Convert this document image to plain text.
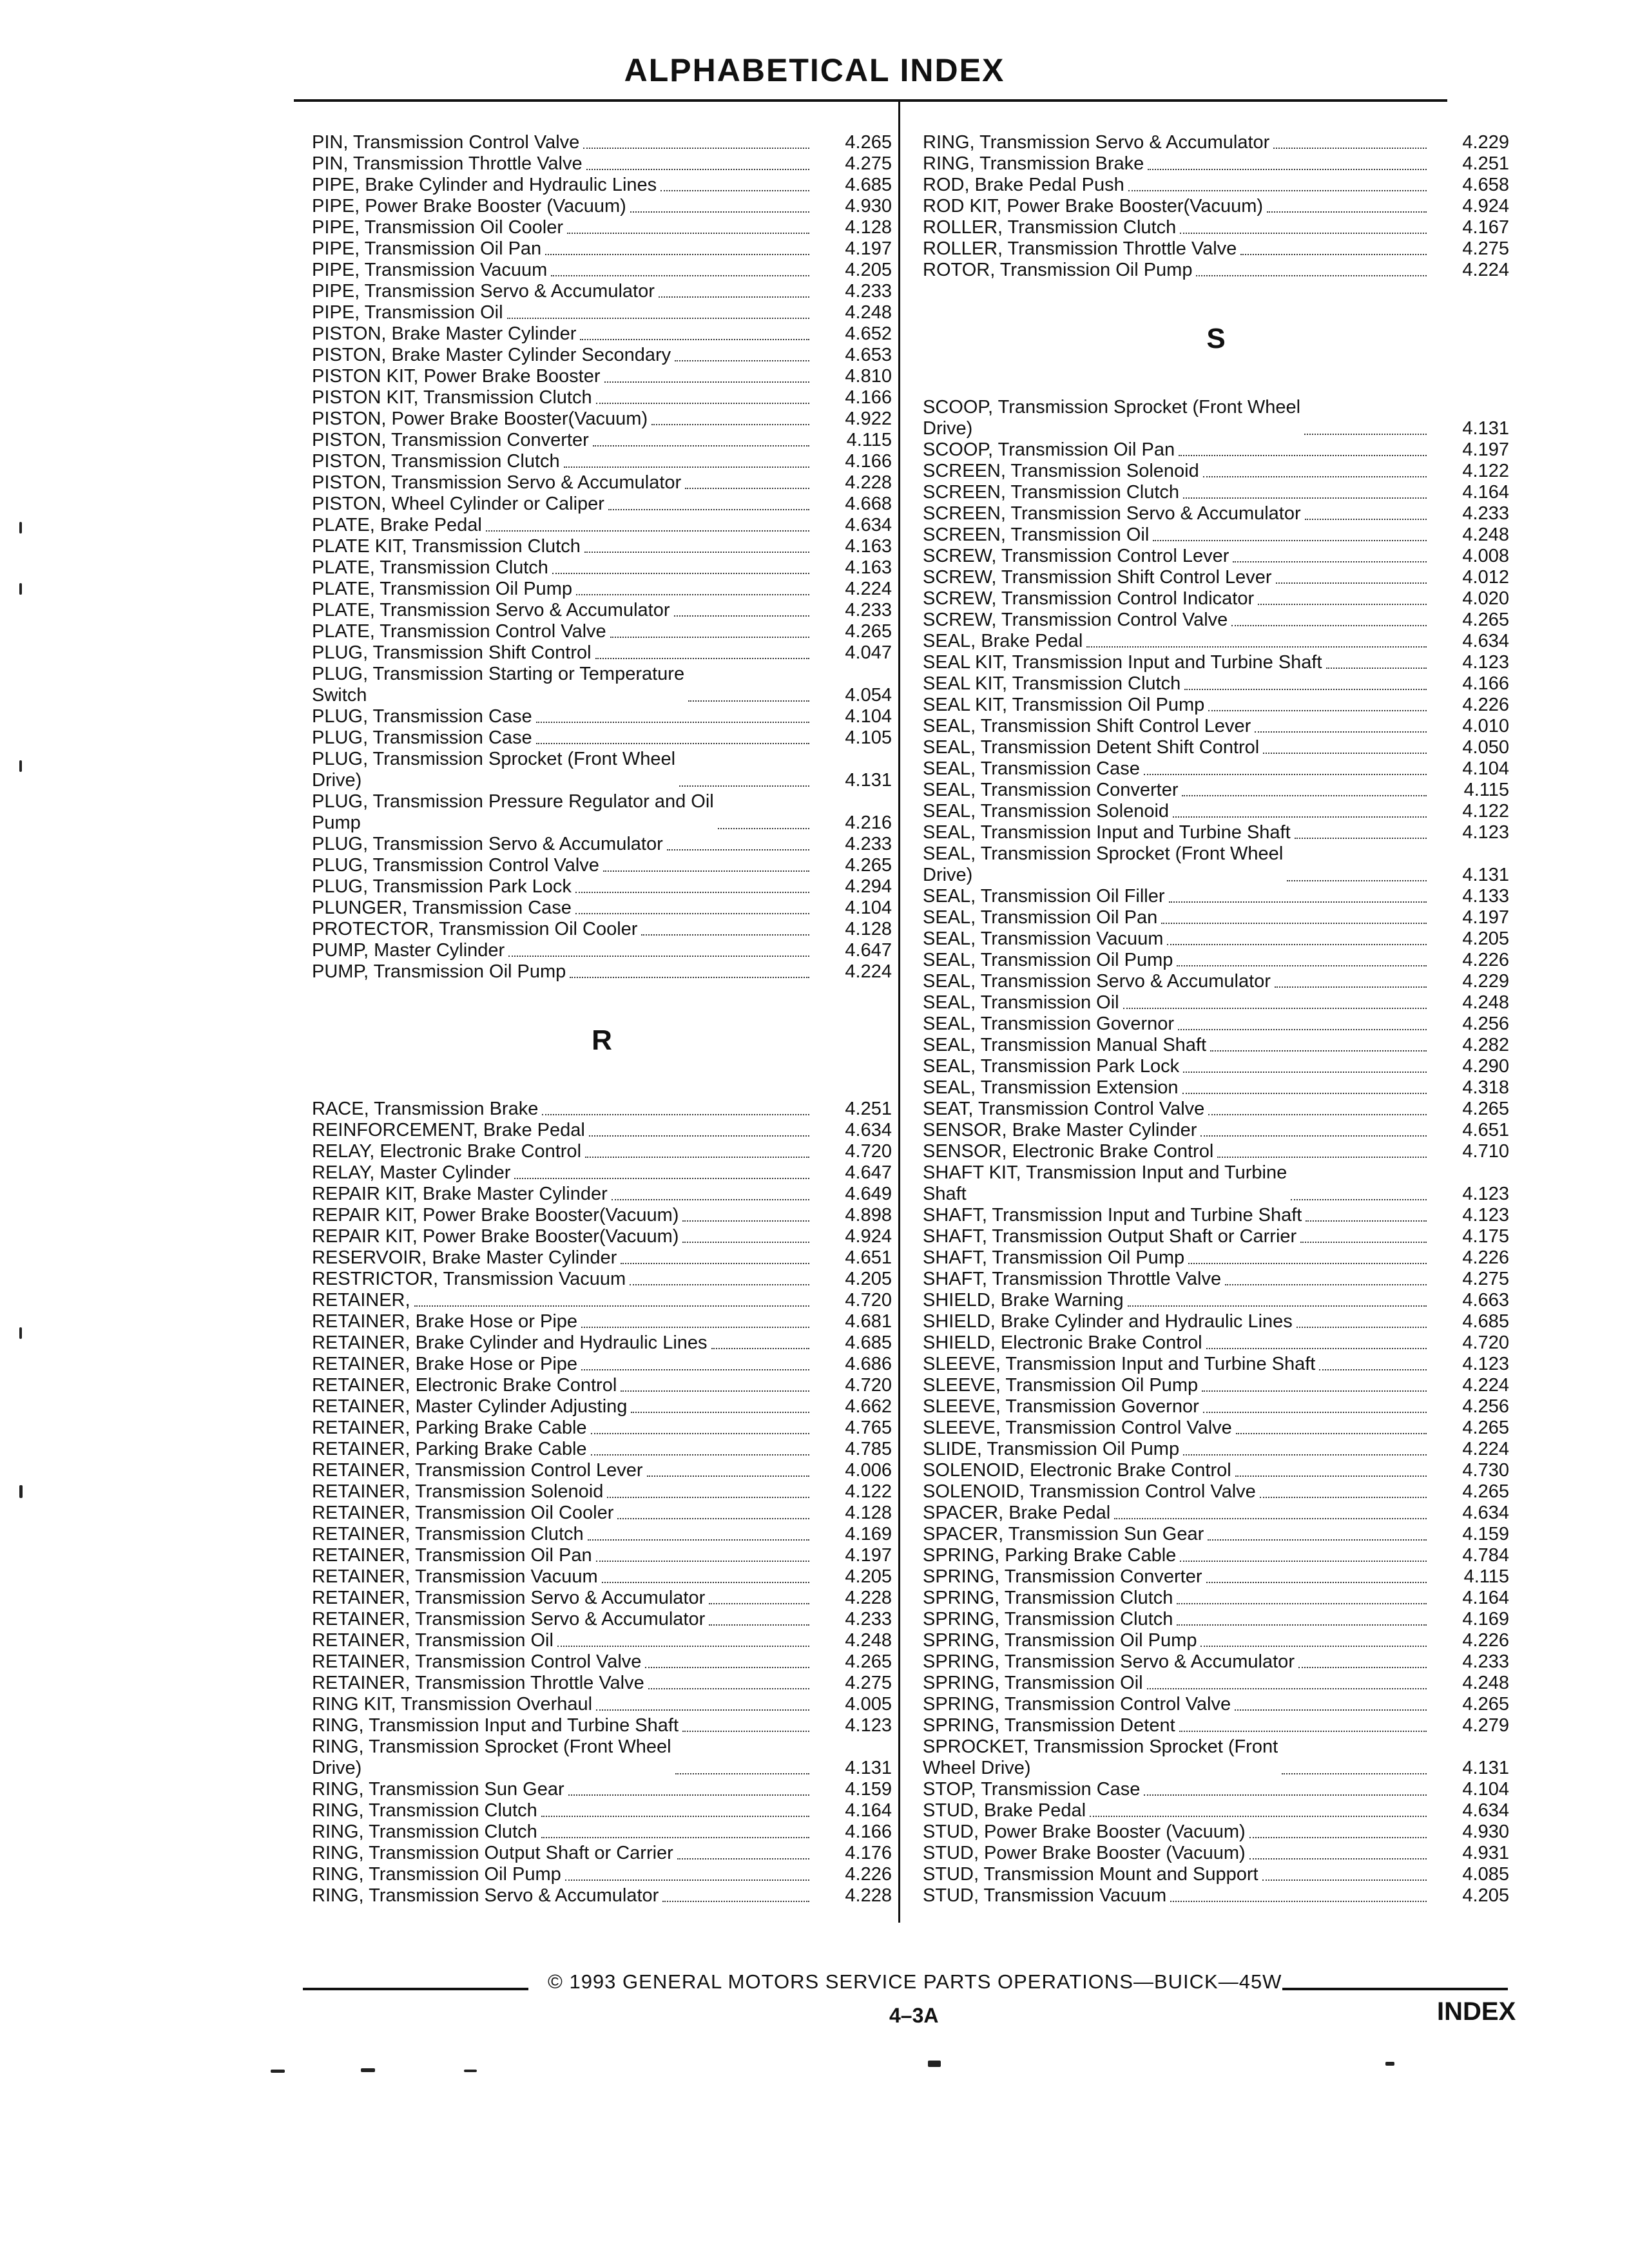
ALPHABETICAL INDEX
PIN, Transmission Control Valve	4.265
PIN, Transmission Throttle Valve	4.275
PIPE, Brake Cylinder and Hydraulic Lines	4.685
PIPE, Power Brake Booster (Vacuum)	4.930
PIPE, Transmission Oil Cooler	4.128
PIPE, Transmission Oil Pan	4.197
PIPE, Transmission Vacuum	4.205
PIPE, Transmission Servo & Accumulator	4.233
PIPE, Transmission Oil	4.248
PISTON, Brake Master Cylinder	4.652
PISTON, Brake Master Cylinder Secondary	4.653
PISTON KIT, Power Brake Booster	4.810
PISTON KIT, Transmission Clutch	4.166
PISTON, Power Brake Booster(Vacuum)	4.922
PISTON, Transmission Converter	4.115
PISTON, Transmission Clutch	4.166
PISTON, Transmission Servo & Accumulator	4.228
PISTON, Wheel Cylinder or Caliper	4.668
PLATE, Brake Pedal	4.634
PLATE KIT, Transmission Clutch	4.163
PLATE, Transmission Clutch	4.163
PLATE, Transmission Oil Pump	4.224
PLATE, Transmission Servo & Accumulator	4.233
PLATE, Transmission Control Valve	4.265
PLUG, Transmission Shift Control	4.047
PLUG, Transmission Starting or Temperature
Switch	4.054
PLUG, Transmission Case	4.104
PLUG, Transmission Case	4.105
PLUG, Transmission Sprocket (Front Wheel
Drive)	4.131
PLUG, Transmission Pressure Regulator and Oil
Pump	4.216
PLUG, Transmission Servo & Accumulator	4.233
PLUG, Transmission Control Valve	4.265
PLUG, Transmission Park Lock	4.294
PLUNGER, Transmission Case	4.104
PROTECTOR, Transmission Oil Cooler	4.128
PUMP, Master Cylinder	4.647
PUMP, Transmission Oil Pump	4.224
R
RACE, Transmission Brake	4.251
REINFORCEMENT, Brake Pedal	4.634
RELAY, Electronic Brake Control	4.720
RELAY, Master Cylinder	4.647
REPAIR KIT, Brake Master Cylinder	4.649
REPAIR KIT, Power Brake Booster(Vacuum)	4.898
REPAIR KIT, Power Brake Booster(Vacuum)	4.924
RESERVOIR, Brake Master Cylinder	4.651
RESTRICTOR, Transmission Vacuum	4.205
RETAINER,	4.720
RETAINER, Brake Hose or Pipe	4.681
RETAINER, Brake Cylinder and Hydraulic Lines	4.685
RETAINER, Brake Hose or Pipe	4.686
RETAINER, Electronic Brake Control	4.720
RETAINER, Master Cylinder Adjusting	4.662
RETAINER, Parking Brake Cable	4.765
RETAINER, Parking Brake Cable	4.785
RETAINER, Transmission Control Lever	4.006
RETAINER, Transmission Solenoid	4.122
RETAINER, Transmission Oil Cooler	4.128
RETAINER, Transmission Clutch	4.169
RETAINER, Transmission Oil Pan	4.197
RETAINER, Transmission Vacuum	4.205
RETAINER, Transmission Servo & Accumulator	4.228
RETAINER, Transmission Servo & Accumulator	4.233
RETAINER, Transmission Oil	4.248
RETAINER, Transmission Control Valve	4.265
RETAINER, Transmission Throttle Valve	4.275
RING KIT, Transmission Overhaul	4.005
RING, Transmission Input and Turbine Shaft	4.123
RING, Transmission Sprocket (Front Wheel
Drive)	4.131
RING, Transmission Sun Gear	4.159
RING, Transmission Clutch	4.164
RING, Transmission Clutch	4.166
RING, Transmission Output Shaft or Carrier	4.176
RING, Transmission Oil Pump	4.226
RING, Transmission Servo & Accumulator	4.228
RING, Transmission Servo & Accumulator	4.229
RING, Transmission Brake	4.251
ROD, Brake Pedal Push	4.658
ROD KIT, Power Brake Booster(Vacuum)	4.924
ROLLER, Transmission Clutch	4.167
ROLLER, Transmission Throttle Valve	4.275
ROTOR, Transmission Oil Pump	4.224
S
SCOOP, Transmission Sprocket (Front Wheel
Drive)	4.131
SCOOP, Transmission Oil Pan	4.197
SCREEN, Transmission Solenoid	4.122
SCREEN, Transmission Clutch	4.164
SCREEN, Transmission Servo & Accumulator	4.233
SCREEN, Transmission Oil	4.248
SCREW, Transmission Control Lever	4.008
SCREW, Transmission Shift Control Lever	4.012
SCREW, Transmission Control Indicator	4.020
SCREW, Transmission Control Valve	4.265
SEAL, Brake Pedal	4.634
SEAL KIT, Transmission Input and Turbine Shaft	4.123
SEAL KIT, Transmission Clutch	4.166
SEAL KIT, Transmission Oil Pump	4.226
SEAL, Transmission Shift Control Lever	4.010
SEAL, Transmission Detent Shift Control	4.050
SEAL, Transmission Case	4.104
SEAL, Transmission Converter	4.115
SEAL, Transmission Solenoid	4.122
SEAL, Transmission Input and Turbine Shaft	4.123
SEAL, Transmission Sprocket (Front Wheel
Drive)	4.131
SEAL, Transmission Oil Filler	4.133
SEAL, Transmission Oil Pan	4.197
SEAL, Transmission Vacuum	4.205
SEAL, Transmission Oil Pump	4.226
SEAL, Transmission Servo & Accumulator	4.229
SEAL, Transmission Oil	4.248
SEAL, Transmission Governor	4.256
SEAL, Transmission Manual Shaft	4.282
SEAL, Transmission Park Lock	4.290
SEAL, Transmission Extension	4.318
SEAT, Transmission Control Valve	4.265
SENSOR, Brake Master Cylinder	4.651
SENSOR, Electronic Brake Control	4.710
SHAFT KIT, Transmission Input and Turbine
Shaft	4.123
SHAFT, Transmission Input and Turbine Shaft	4.123
SHAFT, Transmission Output Shaft or Carrier	4.175
SHAFT, Transmission Oil Pump	4.226
SHAFT, Transmission Throttle Valve	4.275
SHIELD, Brake Warning	4.663
SHIELD, Brake Cylinder and Hydraulic Lines	4.685
SHIELD, Electronic Brake Control	4.720
SLEEVE, Transmission Input and Turbine Shaft	4.123
SLEEVE, Transmission Oil Pump	4.224
SLEEVE, Transmission Governor	4.256
SLEEVE, Transmission Control Valve	4.265
SLIDE, Transmission Oil Pump	4.224
SOLENOID, Electronic Brake Control	4.730
SOLENOID, Transmission Control Valve	4.265
SPACER, Brake Pedal	4.634
SPACER, Transmission Sun Gear	4.159
SPRING, Parking Brake Cable	4.784
SPRING, Transmission Converter	4.115
SPRING, Transmission Clutch	4.164
SPRING, Transmission Clutch	4.169
SPRING, Transmission Oil Pump	4.226
SPRING, Transmission Servo & Accumulator	4.233
SPRING, Transmission Oil	4.248
SPRING, Transmission Control Valve	4.265
SPRING, Transmission Detent	4.279
SPROCKET, Transmission Sprocket (Front
Wheel Drive)	4.131
STOP, Transmission Case	4.104
STUD, Brake Pedal	4.634
STUD, Power Brake Booster (Vacuum)	4.930
STUD, Power Brake Booster (Vacuum)	4.931
STUD, Transmission Mount and Support	4.085
STUD, Transmission Vacuum	4.205
© 1993 GENERAL MOTORS SERVICE PARTS OPERATIONS—BUICK—45W
4–3A	INDEX
